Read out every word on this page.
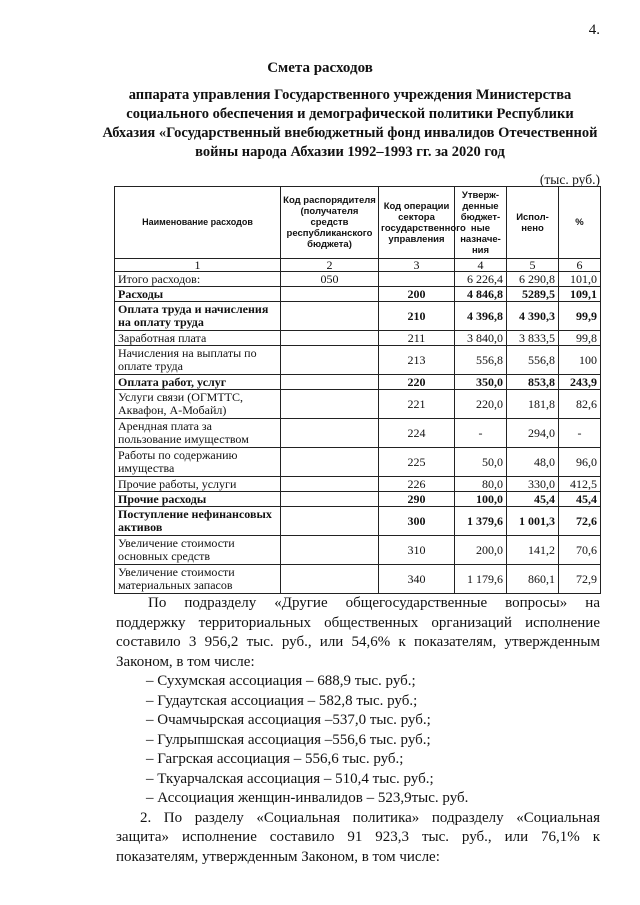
4.
Смета расходов
аппарата управления Государственного учреждения Министерства социального обеспечения и демографической политики Республики Абхазия «Государственный внебюджетный фонд инвалидов Отечественной войны народа Абхазии 1992–1993 гг. за 2020 год
(тыс. руб.)
Наименование расходов	Код распорядителя (получателя средств республиканского бюджета)	Код операции сектора государственного управления	Утверж-денные бюджет-ные назначе-ния	Испол-нено	%
1	2	3	4	5	6
Итого расходов:	050		6 226,4	6 290,8	101,0
Расходы		200	4 846,8	5289,5	109,1
Оплата труда и начисления на оплату труда		210	4 396,8	4 390,3	99,9
Заработная плата		211	3 840,0	3 833,5	99,8
Начисления на выплаты по оплате труда		213	556,8	556,8	100
Оплата работ, услуг		220	350,0	853,8	243,9
Услуги связи (ОГМТТС, Аквафон, А-Мобайл)		221	220,0	181,8	82,6
Арендная плата за пользование имуществом		224	-	294,0	-
Работы по содержанию имущества		225	50,0	48,0	96,0
Прочие работы, услуги		226	80,0	330,0	412,5
Прочие расходы		290	100,0	45,4	45,4
Поступление нефинансовых активов		300	1 379,6	1 001,3	72,6
Увеличение стоимости основных средств		310	200,0	141,2	70,6
Увеличение стоимости материальных запасов		340	1 179,6	860,1	72,9

По подразделу «Другие общегосударственные вопросы» на поддержку территориальных общественных организаций исполнение составило 3 956,2 тыс. руб., или 54,6% к показателям, утвержденным Законом, в том числе:

– Сухумская ассоциация – 688,9 тыс. руб.;
– Гудаутская ассоциация – 582,8 тыс. руб.;
– Очамчырская ассоциация –537,0 тыс. руб.;
– Гулрыпшская ассоциация –556,6 тыс. руб.;
– Гагрская ассоциация – 556,6 тыс. руб.;
– Ткуарчалская ассоциация – 510,4 тыс. руб.;
– Ассоциация женщин-инвалидов – 523,9тыс. руб.

2. По разделу «Социальная политика» подразделу «Социальная защита» исполнение составило 91 923,3 тыс. руб., или 76,1% к показателям, утвержденным Законом, в том числе:
